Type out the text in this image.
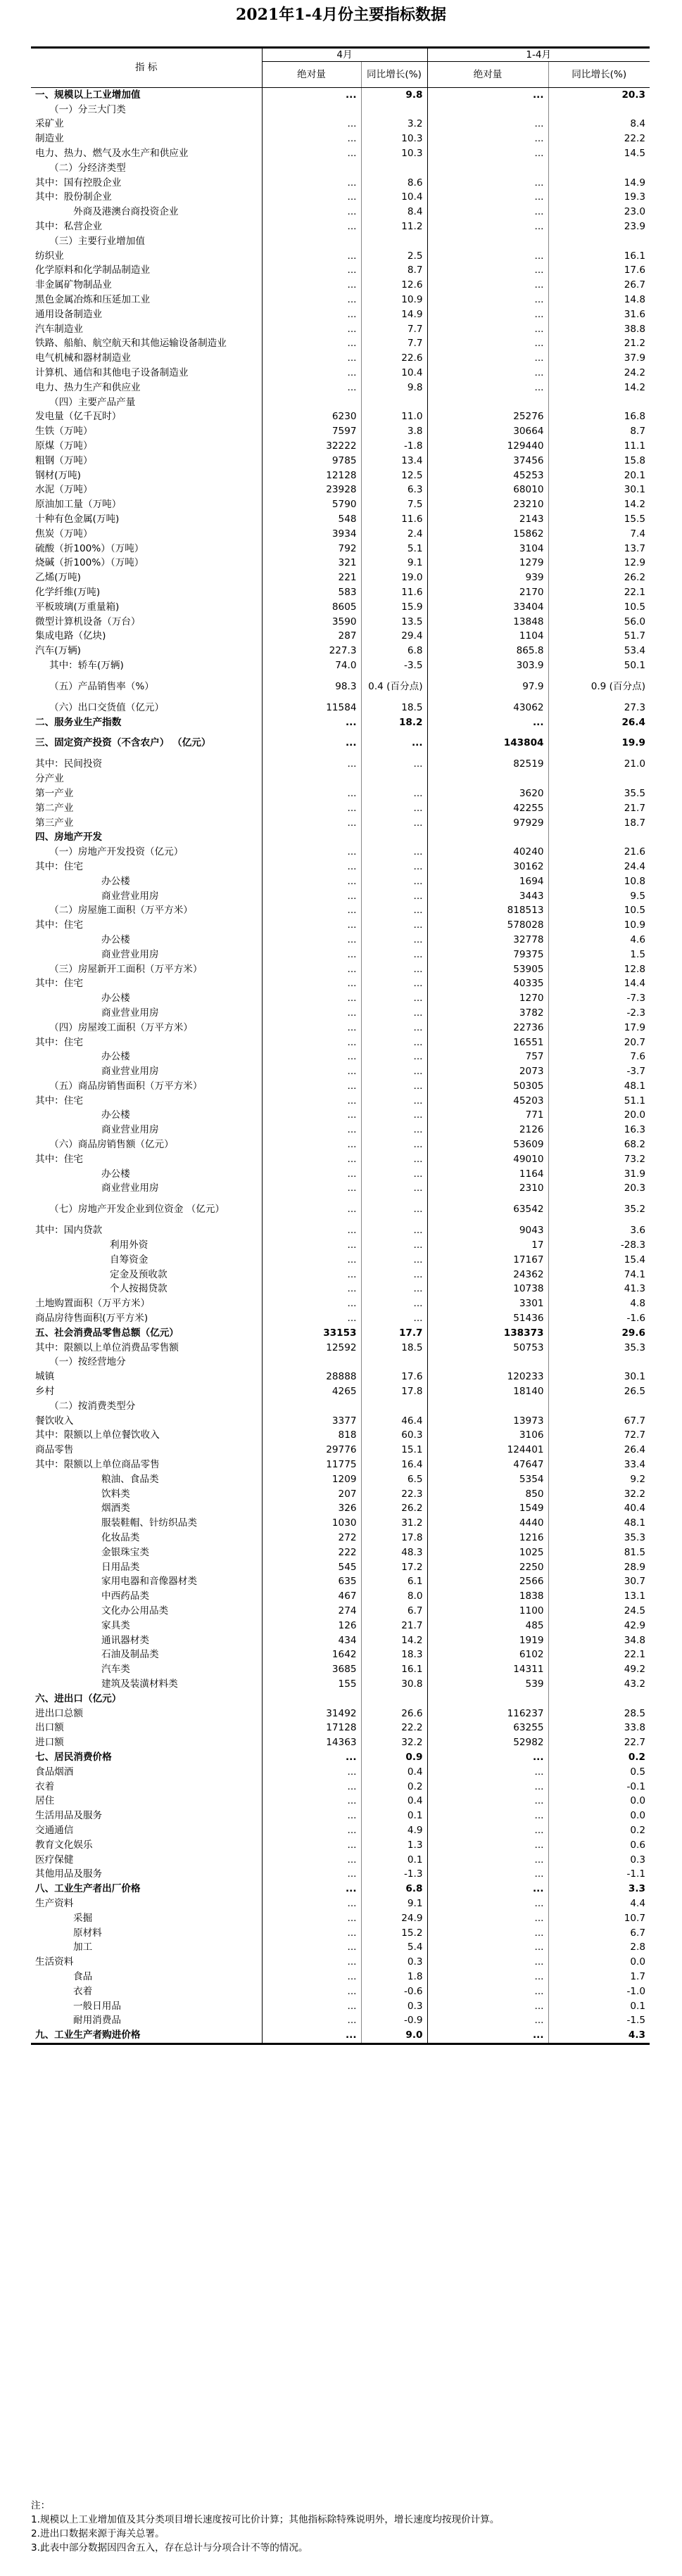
2021年1-4月份主要指标数据
指 标	4月		1-4月	
	绝对量	同比增长(%)	绝对量	同比增长(%)
一、规模以上工业增加值	...	9.8	...	20.3
（一）分三大门类				
采矿业	...	3.2	...	8.4
制造业	...	10.3	...	22.2
电力、热力、燃气及水生产和供应业	...	10.3	...	14.5
（二）分经济类型				
其中：国有控股企业	...	8.6	...	14.9
其中：股份制企业	...	10.4	...	19.3
外商及港澳台商投资企业	...	8.4	...	23.0
其中：私营企业	...	11.2	...	23.9
（三）主要行业增加值				
纺织业	...	2.5	...	16.1
化学原料和化学制品制造业	...	8.7	...	17.6
非金属矿物制品业	...	12.6	...	26.7
黑色金属冶炼和压延加工业	...	10.9	...	14.8
通用设备制造业	...	14.9	...	31.6
汽车制造业	...	7.7	...	38.8
铁路、船舶、航空航天和其他运输设备制造业	...	7.7	...	21.2
电气机械和器材制造业	...	22.6	...	37.9
计算机、通信和其他电子设备制造业	...	10.4	...	24.2
电力、热力生产和供应业	...	9.8	...	14.2
（四）主要产品产量				
发电量（亿千瓦时）	6230	11.0	25276	16.8
生铁（万吨）	7597	3.8	30664	8.7
原煤（万吨）	32222	-1.8	129440	11.1
粗钢（万吨）	9785	13.4	37456	15.8
钢材(万吨)	12128	12.5	45253	20.1
水泥（万吨）	23928	6.3	68010	30.1
原油加工量（万吨）	5790	7.5	23210	14.2
十种有色金属(万吨)	548	11.6	2143	15.5
焦炭（万吨）	3934	2.4	15862	7.4
硫酸（折100%）（万吨）	792	5.1	3104	13.7
烧碱（折100%）（万吨）	321	9.1	1279	12.9
乙烯(万吨)	221	19.0	939	26.2
化学纤维(万吨)	583	11.6	2170	22.1
平板玻璃(万重量箱)	8605	15.9	33404	10.5
微型计算机设备（万台）	3590	13.5	13848	56.0
集成电路（亿块)	287	29.4	1104	51.7
汽车(万辆)	227.3	6.8	865.8	53.4
其中：轿车(万辆)	74.0	-3.5	303.9	50.1
（五）产品销售率（%）	98.3	0.4 (百分点)	97.9	0.9 (百分点)
（六）出口交货值（亿元）	11584	18.5	43062	27.3
二、服务业生产指数	...	18.2	...	26.4
三、固定资产投资（不含农户） （亿元）	...	...	143804	19.9
其中：民间投资	...	...	82519	21.0
分产业				
第一产业	...	...	3620	35.5
第二产业	...	...	42255	21.7
第三产业	...	...	97929	18.7
四、房地产开发				
（一）房地产开发投资（亿元）	...	...	40240	21.6
其中：住宅	...	...	30162	24.4
办公楼	...	...	1694	10.8
商业营业用房	...	...	3443	9.5
（二）房屋施工面积（万平方米）	...	...	818513	10.5
其中：住宅	...	...	578028	10.9
办公楼	...	...	32778	4.6
商业营业用房	...	...	79375	1.5
（三）房屋新开工面积（万平方米）	...	...	53905	12.8
其中：住宅	...	...	40335	14.4
办公楼	...	...	1270	-7.3
商业营业用房	...	...	3782	-2.3
（四）房屋竣工面积（万平方米）	...	...	22736	17.9
其中：住宅	...	...	16551	20.7
办公楼	...	...	757	7.6
商业营业用房	...	...	2073	-3.7
（五）商品房销售面积（万平方米）	...	...	50305	48.1
其中：住宅	...	...	45203	51.1
办公楼	...	...	771	20.0
商业营业用房	...	...	2126	16.3
（六）商品房销售额（亿元）	...	...	53609	68.2
其中：住宅	...	...	49010	73.2
办公楼	...	...	1164	31.9
商业营业用房	...	...	2310	20.3
（七）房地产开发企业到位资金 （亿元）	...	...	63542	35.2
其中：国内贷款	...	...	9043	3.6
利用外资	...	...	17	-28.3
自筹资金	...	...	17167	15.4
定金及预收款	...	...	24362	74.1
个人按揭贷款	...	...	10738	41.3
土地购置面积（万平方米）	...	...	3301	4.8
商品房待售面积(万平方米)	...	...	51436	-1.6
五、社会消费品零售总额（亿元）	33153	17.7	138373	29.6
其中：限额以上单位消费品零售额	12592	18.5	50753	35.3
（一）按经营地分				
城镇	28888	17.6	120233	30.1
乡村	4265	17.8	18140	26.5
（二）按消费类型分				
餐饮收入	3377	46.4	13973	67.7
其中：限额以上单位餐饮收入	818	60.3	3106	72.7
商品零售	29776	15.1	124401	26.4
其中：限额以上单位商品零售	11775	16.4	47647	33.4
粮油、食品类	1209	6.5	5354	9.2
饮料类	207	22.3	850	32.2
烟酒类	326	26.2	1549	40.4
服装鞋帽、针纺织品类	1030	31.2	4440	48.1
化妆品类	272	17.8	1216	35.3
金银珠宝类	222	48.3	1025	81.5
日用品类	545	17.2	2250	28.9
家用电器和音像器材类	635	6.1	2566	30.7
中西药品类	467	8.0	1838	13.1
文化办公用品类	274	6.7	1100	24.5
家具类	126	21.7	485	42.9
通讯器材类	434	14.2	1919	34.8
石油及制品类	1642	18.3	6102	22.1
汽车类	3685	16.1	14311	49.2
建筑及装潢材料类	155	30.8	539	43.2
六、进出口（亿元）				
进出口总额	31492	26.6	116237	28.5
出口额	17128	22.2	63255	33.8
进口额	14363	32.2	52982	22.7
七、居民消费价格	...	0.9	...	0.2
食品烟酒	...	0.4	...	0.5
衣着	...	0.2	...	-0.1
居住	...	0.4	...	0.0
生活用品及服务	...	0.1	...	0.0
交通通信	...	4.9	...	0.2
教育文化娱乐	...	1.3	...	0.6
医疗保健	...	0.1	...	0.3
其他用品及服务	...	-1.3	...	-1.1
八、工业生产者出厂价格	...	6.8	...	3.3
生产资料	...	9.1	...	4.4
采掘	...	24.9	...	10.7
原材料	...	15.2	...	6.7
加工	...	5.4	...	2.8
生活资料	...	0.3	...	0.0
食品	...	1.8	...	1.7
衣着	...	-0.6	...	-1.0
一般日用品	...	0.3	...	0.1
耐用消费品	...	-0.9	...	-1.5
九、工业生产者购进价格	...	9.0	...	4.3
注：
1.规模以上工业增加值及其分类项目增长速度按可比价计算；其他指标除特殊说明外，增长速度均按现价计算。
2.进出口数据来源于海关总署。
3.此表中部分数据因四舍五入，存在总计与分项合计不等的情况。
